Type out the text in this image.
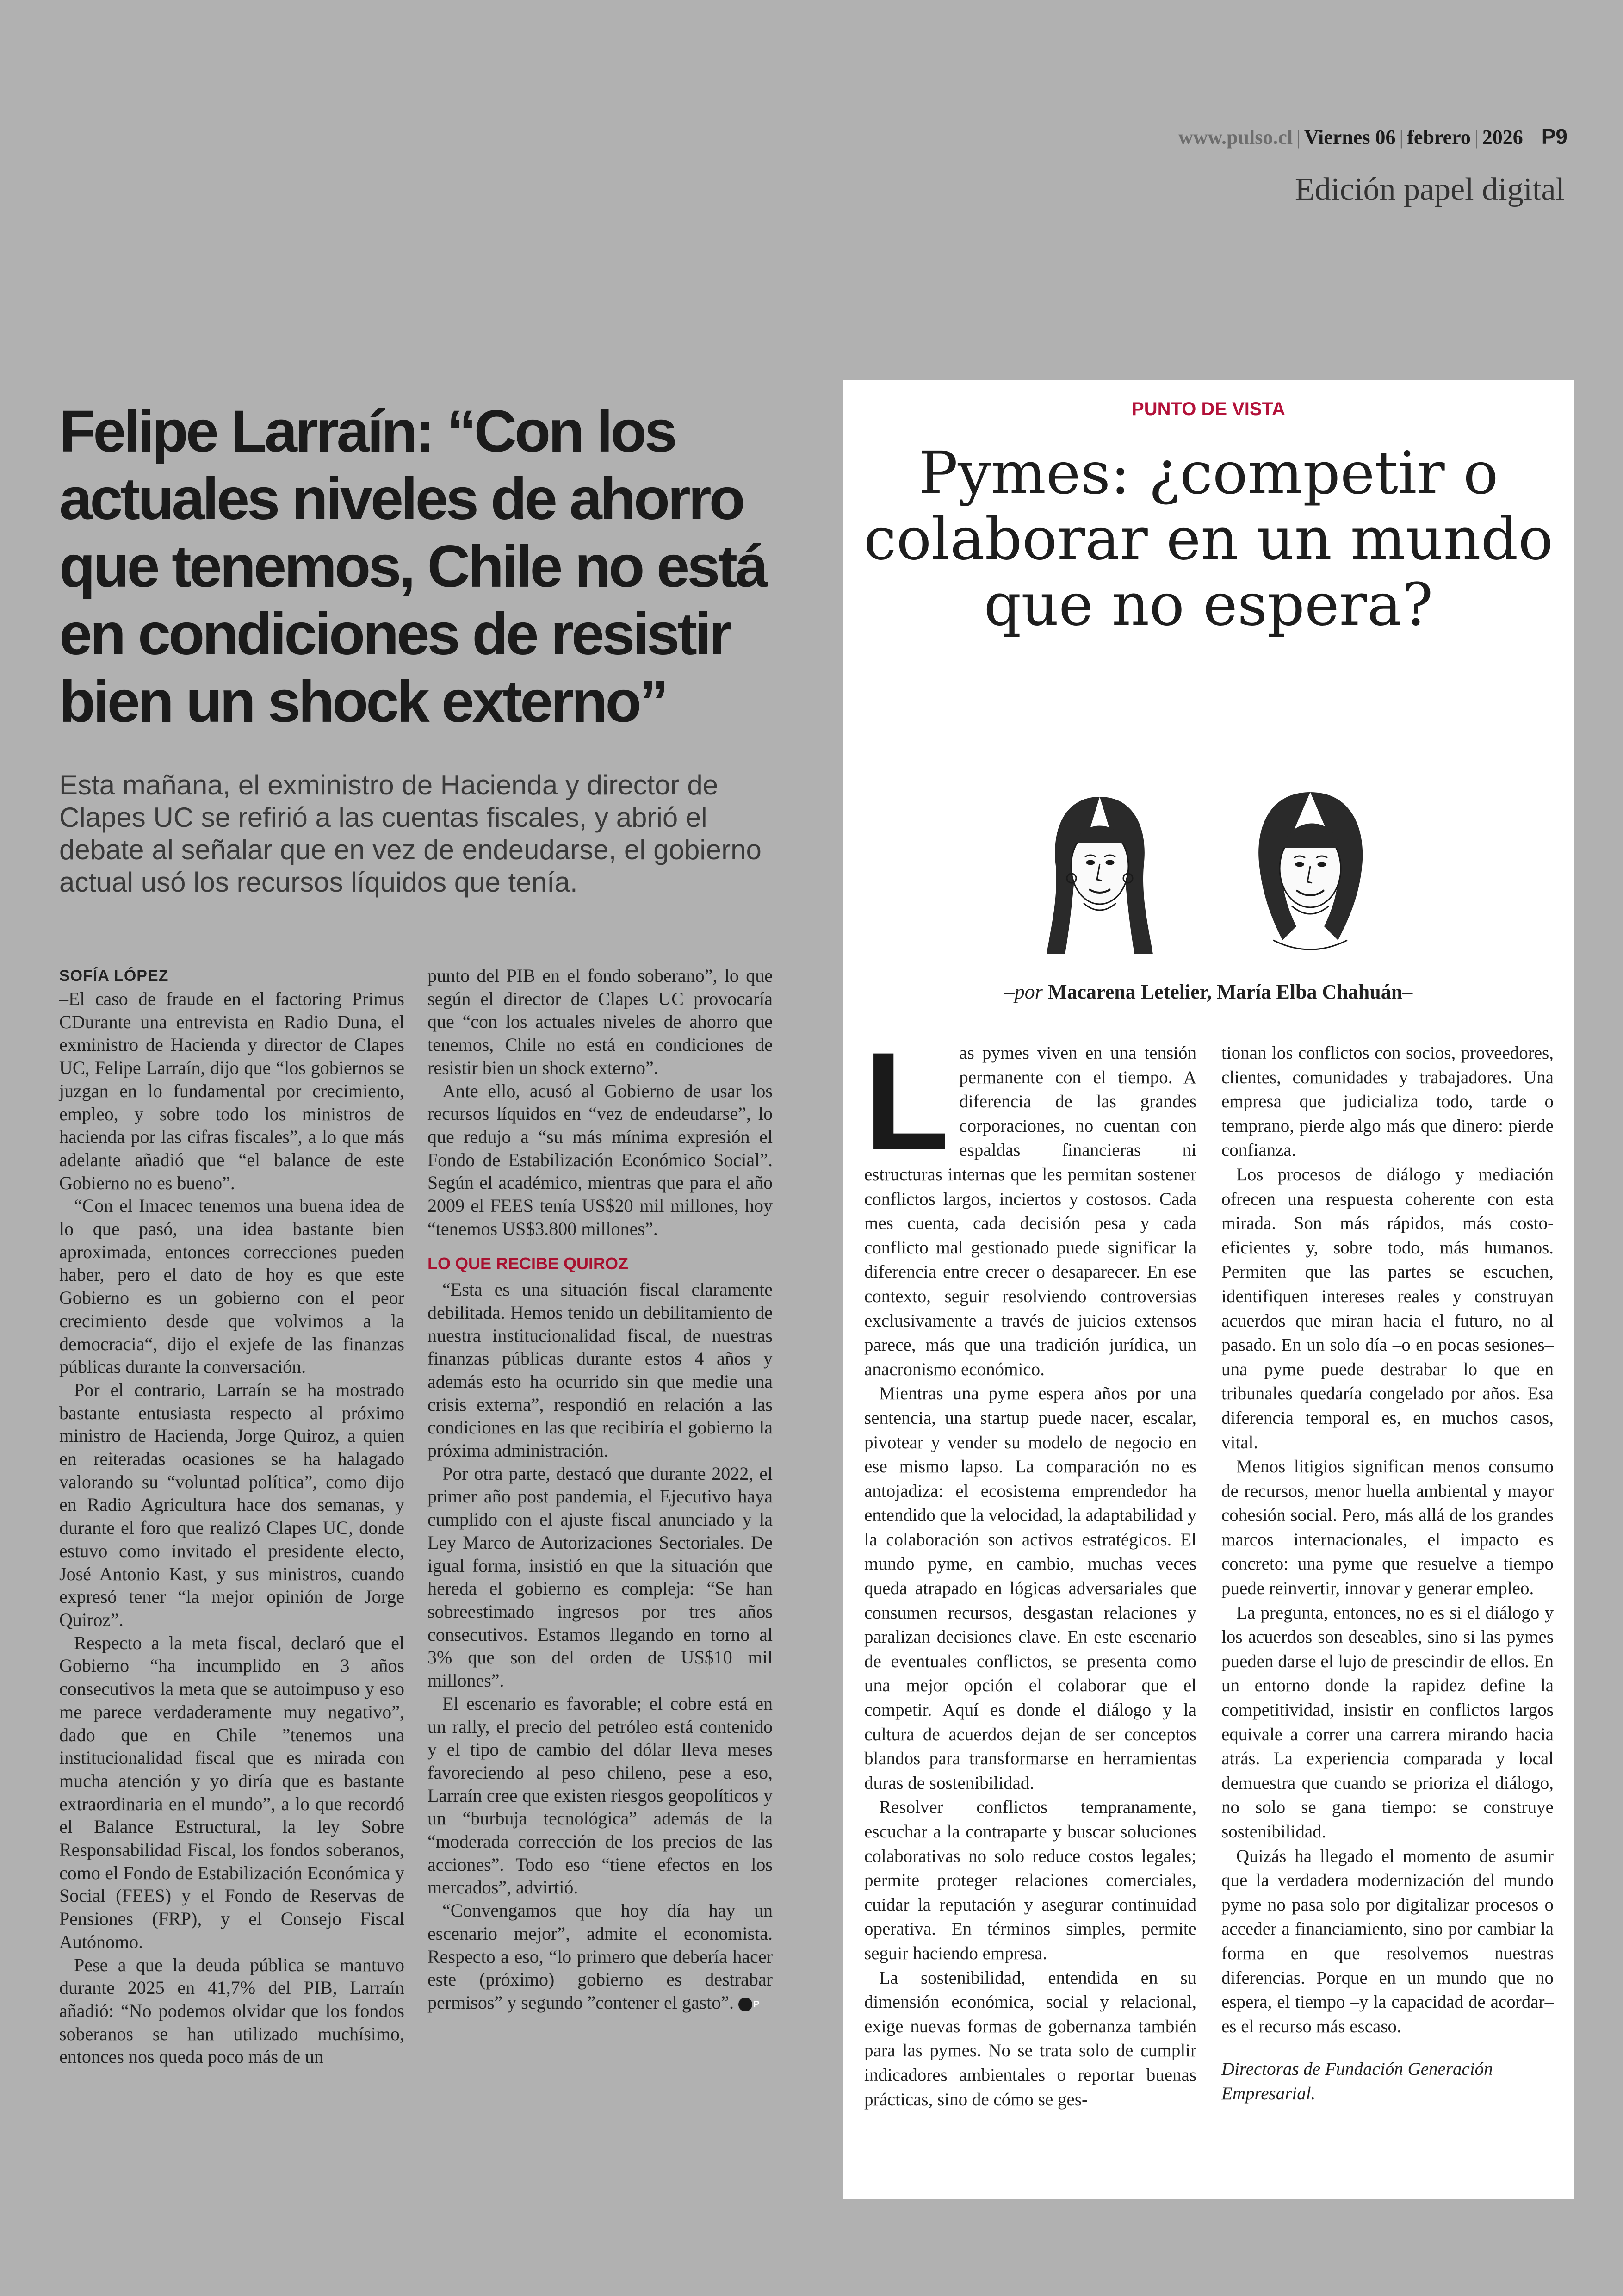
www.pulso.cl | Viernes 06 | febrero | 2026 P9
Edición papel digital
Felipe Larraín: “Con los actuales niveles de ahorro que tenemos, Chile no está en condiciones de resistir bien un shock externo”

Esta mañana, el exministro de Hacienda y director de Clapes UC se refirió a las cuentas fiscales, y abrió el debate al señalar que en vez de endeudarse, el gobierno actual usó los recursos líquidos que tenía.

SOFÍA LÓPEZ

–El caso de fraude en el factoring Primus CDurante una entrevista en Radio Duna, el exministro de Hacienda y director de Clapes UC, Felipe Larraín, dijo que “los gobiernos se juzgan en lo fundamental por crecimiento, empleo, y sobre todo los ministros de hacienda por las cifras fiscales”, a lo que más adelante añadió que “el balance de este Gobierno no es bueno”.

“Con el Imacec tenemos una buena idea de lo que pasó, una idea bastante bien aproximada, entonces correcciones pueden haber, pero el dato de hoy es que este Gobierno es un gobierno con el peor crecimiento desde que volvimos a la democracia“, dijo el exjefe de las finanzas públicas durante la conversación.

Por el contrario, Larraín se ha mostrado bastante entusiasta respecto al próximo ministro de Hacienda, Jorge Quiroz, a quien en reiteradas ocasiones se ha halagado valorando su “voluntad política”, como dijo en Radio Agricultura hace dos semanas, y durante el foro que realizó Clapes UC, donde estuvo como invitado el presidente electo, José Antonio Kast, y sus ministros, cuando expresó tener “la mejor opinión de Jorge Quiroz”.

Respecto a la meta fiscal, declaró que el Gobierno “ha incumplido en 3 años consecutivos la meta que se autoimpuso y eso me parece verdaderamente muy negativo”, dado que en Chile ”tenemos una institucionalidad fiscal que es mirada con mucha atención y yo diría que es bastante extraordinaria en el mundo”, a lo que recordó el Balance Estructural, la ley Sobre Responsabilidad Fiscal, los fondos soberanos, como el Fondo de Estabilización Económica y Social (FEES) y el Fondo de Reservas de Pensiones (FRP), y el Consejo Fiscal Autónomo.

Pese a que la deuda pública se mantuvo durante 2025 en 41,7% del PIB, Larraín añadió: “No podemos olvidar que los fondos soberanos se han utilizado muchísimo, entonces nos queda poco más de un

punto del PIB en el fondo soberano”, lo que según el director de Clapes UC provocaría que “con los actuales niveles de ahorro que tenemos, Chile no está en condiciones de resistir bien un shock externo”.

Ante ello, acusó al Gobierno de usar los recursos líquidos en “vez de endeudarse”, lo que redujo a “su más mínima expresión el Fondo de Estabilización Económico Social”. Según el académico, mientras que para el año 2009 el FEES tenía US$20 mil millones, hoy “tenemos US$3.800 millones”.

LO QUE RECIBE QUIROZ

“Esta es una situación fiscal claramente debilitada. Hemos tenido un debilitamiento de nuestra institucionalidad fiscal, de nuestras finanzas públicas durante estos 4 años y además esto ha ocurrido sin que medie una crisis externa”, respondió en relación a las condiciones en las que recibiría el gobierno la próxima administración.

Por otra parte, destacó que durante 2022, el primer año post pandemia, el Ejecutivo haya cumplido con el ajuste fiscal anunciado y la Ley Marco de Autorizaciones Sectoriales. De igual forma, insistió en que la situación que hereda el gobierno es compleja: “Se han sobreestimado ingresos por tres años consecutivos. Estamos llegando en torno al 3% que son del orden de US$10 mil millones”.

El escenario es favorable; el cobre está en un rally, el precio del petróleo está contenido y el tipo de cambio del dólar lleva meses favoreciendo al peso chileno, pese a eso, Larraín cree que existen riesgos geopolíticos y un “burbuja tecnológica” además de la “moderada corrección de los precios de las acciones”. Todo eso “tiene efectos en los mercados”, advirtió.

“Convengamos que hoy día hay un escenario mejor”, admite el economista. Respecto a eso, “lo primero que debería hacer este (próximo) gobierno es destrabar permisos” y segundo ”contener el gasto”. P

PUNTO DE VISTA
Pymes: ¿competir o colaborar en un mundo que no espera?
–por Macarena Letelier, María Elba Chahuán–

Las pymes viven en una tensión permanente con el tiempo. A diferencia de las grandes corporaciones, no cuentan con espaldas financieras ni estructuras internas que les permitan sostener conflictos largos, inciertos y costosos. Cada mes cuenta, cada decisión pesa y cada conflicto mal gestionado puede significar la diferencia entre crecer o desaparecer. En ese contexto, seguir resolviendo controversias exclusivamente a través de juicios extensos parece, más que una tradición jurídica, un anacronismo económico.

Mientras una pyme espera años por una sentencia, una startup puede nacer, escalar, pivotear y vender su modelo de negocio en ese mismo lapso. La comparación no es antojadiza: el ecosistema emprendedor ha entendido que la velocidad, la adaptabilidad y la colaboración son activos estratégicos. El mundo pyme, en cambio, muchas veces queda atrapado en lógicas adversariales que consumen recursos, desgastan relaciones y paralizan decisiones clave. En este escenario de eventuales conflictos, se presenta como una mejor opción el colaborar que el competir. Aquí es donde el diálogo y la cultura de acuerdos dejan de ser conceptos blandos para transformarse en herramientas duras de sostenibilidad.

Resolver conflictos tempranamente, escuchar a la contraparte y buscar soluciones colaborativas no solo reduce costos legales; permite proteger relaciones comerciales, cuidar la reputación y asegurar continuidad operativa. En términos simples, permite seguir haciendo empresa.

La sostenibilidad, entendida en su dimensión económica, social y relacional, exige nuevas formas de gobernanza también para las pymes. No se trata solo de cumplir indicadores ambientales o reportar buenas prácticas, sino de cómo se ges-

tionan los conflictos con socios, proveedores, clientes, comunidades y trabajadores. Una empresa que judicializa todo, tarde o temprano, pierde algo más que dinero: pierde confianza.

Los procesos de diálogo y mediación ofrecen una respuesta coherente con esta mirada. Son más rápidos, más costo-eficientes y, sobre todo, más humanos. Permiten que las partes se escuchen, identifiquen intereses reales y construyan acuerdos que miran hacia el futuro, no al pasado. En un solo día –o en pocas sesiones– una pyme puede destrabar lo que en tribunales quedaría congelado por años. Esa diferencia temporal es, en muchos casos, vital.

Menos litigios significan menos consumo de recursos, menor huella ambiental y mayor cohesión social. Pero, más allá de los grandes marcos internacionales, el impacto es concreto: una pyme que resuelve a tiempo puede reinvertir, innovar y generar empleo.

La pregunta, entonces, no es si el diálogo y los acuerdos son deseables, sino si las pymes pueden darse el lujo de prescindir de ellos. En un entorno donde la rapidez define la competitividad, insistir en conflictos largos equivale a correr una carrera mirando hacia atrás. La experiencia comparada y local demuestra que cuando se prioriza el diálogo, no solo se gana tiempo: se construye sostenibilidad.

Quizás ha llegado el momento de asumir que la verdadera modernización del mundo pyme no pasa solo por digitalizar procesos o acceder a financiamiento, sino por cambiar la forma en que resolvemos nuestras diferencias. Porque en un mundo que no espera, el tiempo –y la capacidad de acordar– es el recurso más escaso.

Directoras de Fundación Generación Empresarial.
